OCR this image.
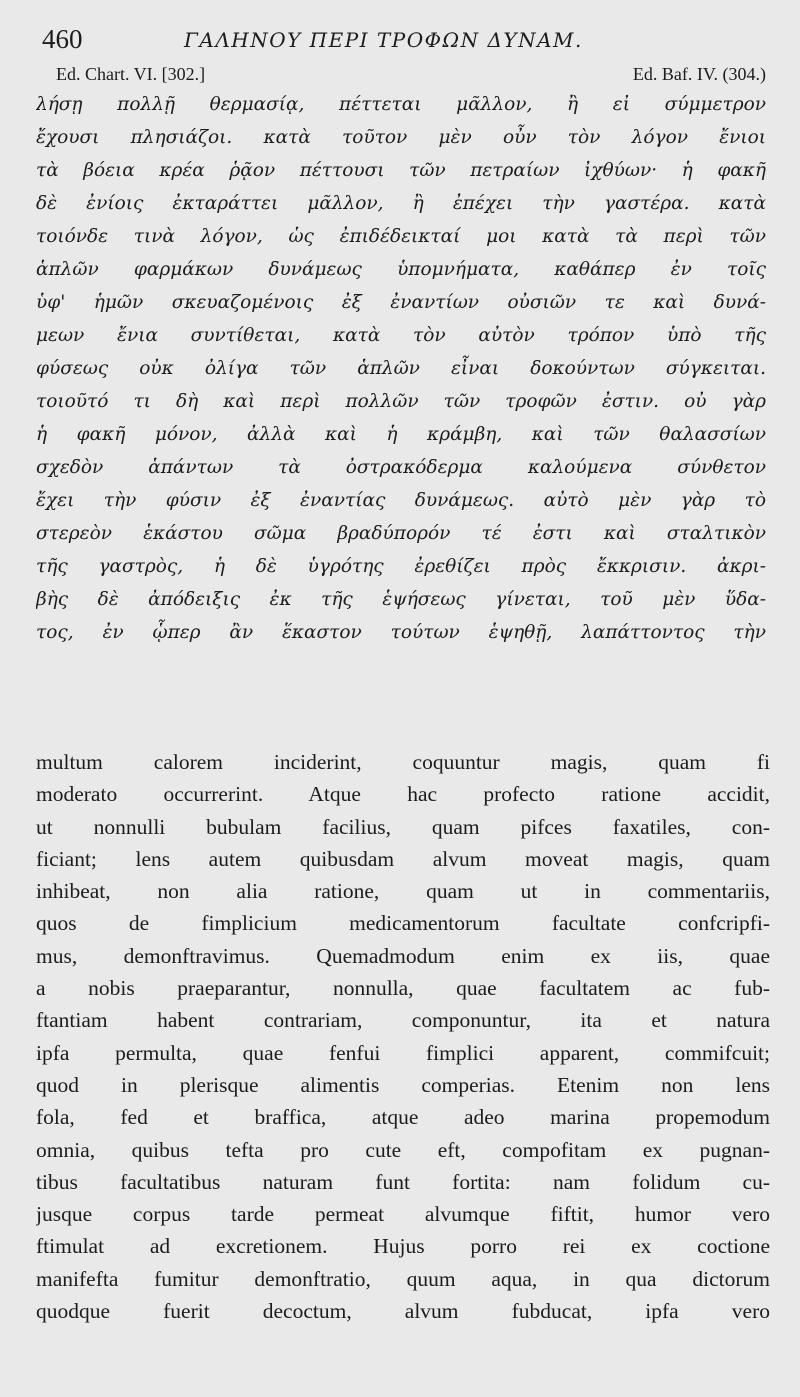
460	ΓΑΛΗΝΟΥ ΠΕΡΙ ΤΡΟΦΩΝ ΔΥΝΑΜ.
Ed. Chart. VI. [302.]	Ed. Baf. IV. (304.)
λήσῃ πολλῇ θερμασίᾳ, πέττεται μᾶλλον, ἢ εἰ σύμμετρον
ἔχουσι πλησιάζοι. κατὰ τοῦτον μὲν οὖν τὸν λόγον ἔνιοι
τὰ βόεια κρέα ῥᾷον πέττουσι τῶν πετραίων ἰχθύων· ἡ φακῆ
δὲ ἐνίοις ἐκταράττει μᾶλλον, ἢ ἐπέχει τὴν γαστέρα. κατὰ
τοιόνδε τινὰ λόγον, ὡς ἐπιδέδεικταί μοι κατὰ τὰ περὶ τῶν
ἁπλῶν φαρμάκων δυνάμεως ὑπομνήματα, καθάπερ ἐν τοῖς
ὑφ' ἡμῶν σκευαζομένοις ἐξ ἐναντίων οὐσιῶν τε καὶ δυνά-
μεων ἔνια συντίθεται, κατὰ τὸν αὐτὸν τρόπον ὑπὸ τῆς
φύσεως οὐκ ὀλίγα τῶν ἁπλῶν εἶναι δοκούντων σύγκειται.
τοιοῦτό τι δὴ καὶ περὶ πολλῶν τῶν τροφῶν ἐστιν. οὐ γὰρ
ἡ φακῆ μόνον, ἀλλὰ καὶ ἡ κράμβη, καὶ τῶν θαλασσίων
σχεδὸν ἁπάντων τὰ ὀστρακόδερμα καλούμενα σύνθετον
ἔχει τὴν φύσιν ἐξ ἐναντίας δυνάμεως. αὐτὸ μὲν γὰρ τὸ
στερεὸν ἑκάστου σῶμα βραδύπορόν τέ ἐστι καὶ σταλτικὸν
τῆς γαστρὸς, ἡ δὲ ὑγρότης ἐρεθίζει πρὸς ἔκκρισιν. ἀκρι-
βὴς δὲ ἀπόδειξις ἐκ τῆς ἑψήσεως γίνεται, τοῦ μὲν ὕδα-
τος, ἐν ᾧπερ ἂν ἕκαστον τούτων ἑψηθῇ, λαπάττοντος τὴν
multum calorem inciderint, coquuntur magis, quam fi
moderato occurrerint. Atque hac profecto ratione accidit,
ut nonnulli bubulam facilius, quam pifces faxatiles, con-
ficiant; lens autem quibusdam alvum moveat magis, quam
inhibeat, non alia ratione, quam ut in commentariis,
quos de fimplicium medicamentorum facultate confcripfi-
mus, demonftravimus. Quemadmodum enim ex iis, quae
a nobis praeparantur, nonnulla, quae facultatem ac fub-
ftantiam habent contrariam, componuntur, ita et natura
ipfa permulta, quae fenfui fimplici apparent, commifcuit;
quod in plerisque alimentis comperias. Etenim non lens
fola, fed et braffica, atque adeo marina propemodum
omnia, quibus tefta pro cute eft, compofitam ex pugnan-
tibus facultatibus naturam funt fortita: nam folidum cu-
jusque corpus tarde permeat alvumque fiftit, humor vero
ftimulat ad excretionem. Hujus porro rei ex coctione
manifefta fumitur demonftratio, quum aqua, in qua dictorum
quodque fuerit decoctum, alvum fubducat, ipfa vero
